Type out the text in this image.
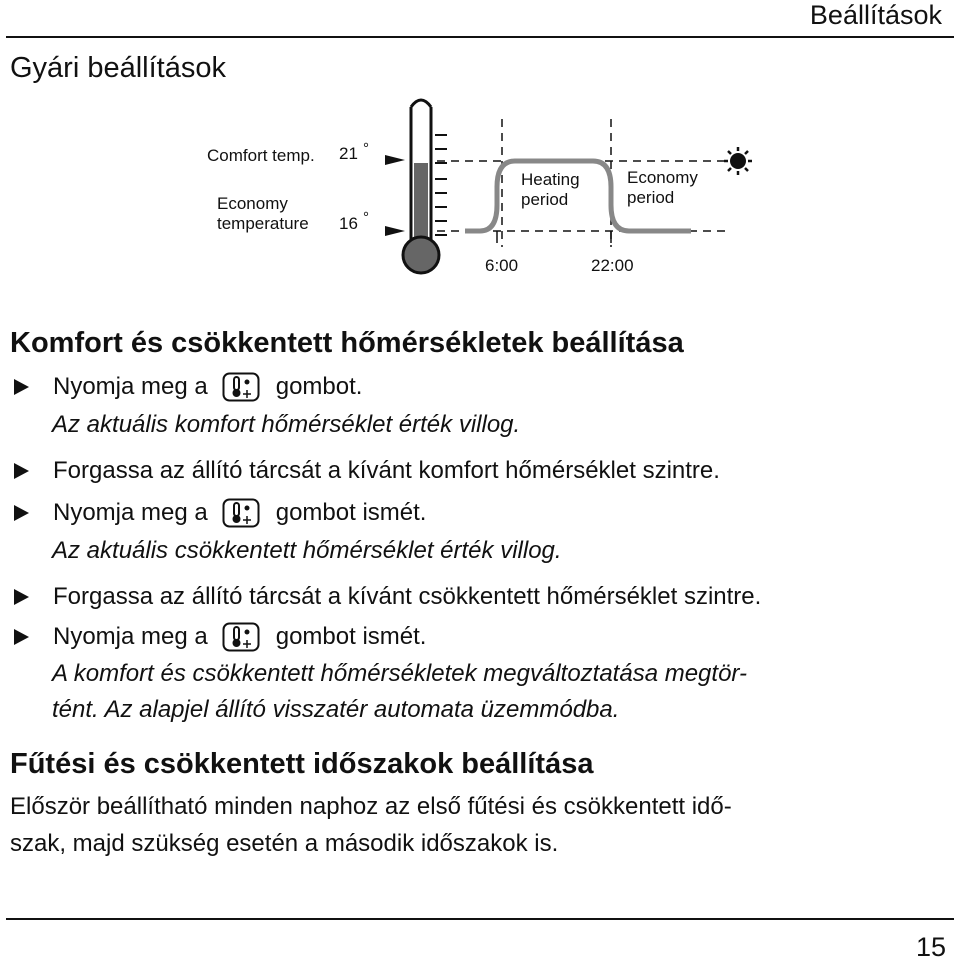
Beállítások
Gyári beállítások
Comfort temp. 21 °
Economy
temperature 16 °
Heating
period
Economy
period
6:00	22:00
Komfort és csökkentett hőmérsékletek beállítása
Nyomja meg a	gombot.
Az aktuális komfort hőmérséklet érték villog.
Forgassa az állító tárcsát a kívánt komfort hőmérséklet szintre.
Nyomja meg a	gombot ismét.
Az aktuális csökkentett hőmérséklet érték villog.
Forgassa az állító tárcsát a kívánt csökkentett hőmérséklet szintre.
Nyomja meg a	gombot ismét.
A komfort és csökkentett hőmérsékletek megváltoztatása megtör-
tént. Az alapjel állító visszatér automata üzemmódba.
Fűtési és csökkentett időszakok beállítása
Először beállítható minden naphoz az első fűtési és csökkentett idő-
szak, majd szükség esetén a második időszakok is.
15
